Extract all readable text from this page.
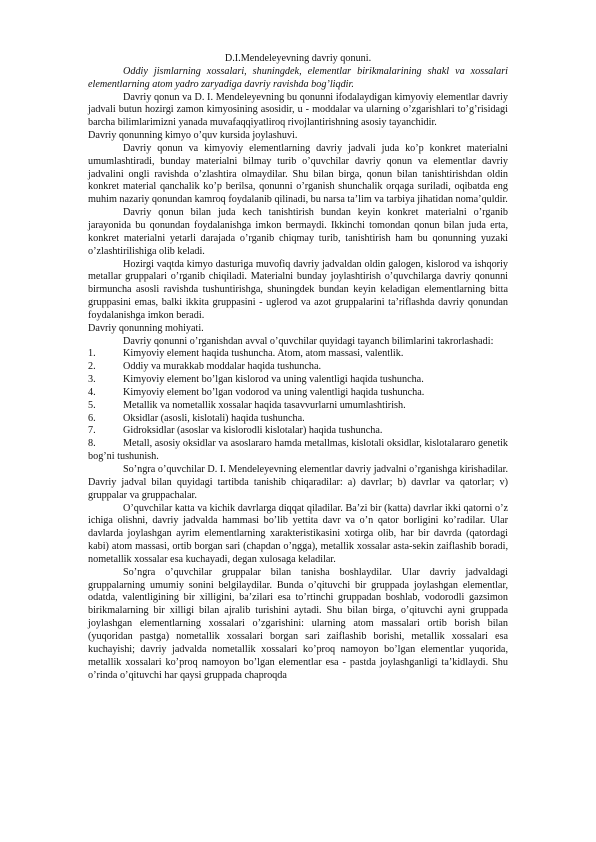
D.I.Mendeleyevning davriy qonuni.

Oddiy jismlarning xossalari, shuningdek, elementlar birikmalarining shakl va xossalari elementlarning atom yadro zaryadiga davriy ravishda bog’liqdir.

Davriy qonun va D. I. Mendeleyevning bu qonunni ifodalaydigan kimyoviy elementlar davriy jadvali butun hozirgi zamon kimyosining asosidir, u - moddalar va ularning o’zgarishlari to’g’risidagi barcha bilimlarimizni yanada muvafaqqiyatliroq rivojlantirishning asosiy tayanchidir.

Davriy qonunning kimyo o’quv kursida joylashuvi.

Davriy qonun va kimyoviy elementlarning davriy jadvali juda ko’p konkret materialni umumlashtiradi, bunday materialni bilmay turib o’quvchilar davriy qonun va elementlar davriy jadvalini ongli ravishda o’zlashtira olmaydilar. Shu bilan birga, qonun bilan tanishtirishdan oldin konkret material qanchalik ko’p berilsa, qonunni o’rganish shunchalik orqaga suriladi, oqibatda eng muhim nazariy qonundan kamroq foydalanib qilinadi, bu narsa ta’lim va tarbiya jihatidan noma’quldir.

Davriy qonun bilan juda kech tanishtirish bundan keyin konkret materialni o’rganib jarayonida bu qonundan foydalanishga imkon bermaydi. Ikkinchi tomondan qonun bilan juda erta, konkret materialni yetarli darajada o’rganib chiqmay turib, tanishtirish ham bu qonunning yuzaki o’zlashtirilishiga olib keladi.

Hozirgi vaqtda kimyo dasturiga muvofiq davriy jadvaldan oldin galogen, kislorod va ishqoriy metallar gruppalari o’rganib chiqiladi. Materialni bunday joylashtirish o’quvchilarga davriy qonunni birmuncha asosli ravishda tushuntirishga, shuningdek bundan keyin keladigan elementlarning bitta gruppasini emas, balki ikkita gruppasini - uglerod va azot gruppalarini ta’riflashda davriy qonundan foydalanishga imkon beradi.

Davriy qonunning mohiyati.

Davriy qonunni o’rganishdan avval o’quvchilar quyidagi tayanch bilimlarini takrorlashadi:

1.	Kimyoviy element haqida tushuncha. Atom, atom massasi, valentlik.
2.	Oddiy va murakkab moddalar haqida tushuncha.
3.	Kimyoviy element bo’lgan kislorod va uning valentligi haqida tushuncha.
4.	Kimyoviy element bo’lgan vodorod va uning valentligi haqida tushuncha.
5.	Metallik va nometallik xossalar haqida tasavvurlarni umumlashtirish.
6.	Oksidlar (asosli, kislotali) haqida tushuncha.
7.	Gidroksidlar (asoslar va kislorodli kislotalar) haqida tushuncha.

8.	Metall, asosiy oksidlar va asoslararo hamda metallmas, kislotali oksidlar, kislotalararo genetik bog’ni tushunish.

So’ngra o’quvchilar D. I. Mendeleyevning elementlar davriy jadvalni o’rganishga kirishadilar. Davriy jadval bilan quyidagi tartibda tanishib chiqaradilar: a) davrlar; b) davrlar va qatorlar; v) gruppalar va gruppachalar.

O’quvchilar katta va kichik davrlarga diqqat qiladilar. Ba’zi bir (katta) davrlar ikki qatorni o’z ichiga olishni, davriy jadvalda hammasi bo’lib yettita davr va o’n qator borligini ko’radilar. Ular davlarda joylashgan ayrim elementlarning xarakteristikasini xotirga olib, har bir davrda (qatordagi kabi) atom massasi, ortib borgan sari (chapdan o’ngga), metallik xossalar asta-sekin zaiflashib boradi, nometallik xossalar esa kuchayadi, degan xulosaga keladilar.

So’ngra o’quvchilar gruppalar bilan tanisha boshlaydilar. Ular davriy jadvaldagi gruppalarning umumiy sonini belgilaydilar. Bunda o’qituvchi bir gruppada joylashgan elementlar, odatda, valentligining bir xilligini, ba’zilari esa to’rtinchi gruppadan boshlab, vodorodli gazsimon birikmalarning bir xilligi bilan ajralib turishini aytadi. Shu bilan birga, o’qituvchi ayni gruppada joylashgan elementlarning xossalari o’zgarishini: ularning atom massalari ortib borish bilan (yuqoridan pastga) nometallik xossalari borgan sari zaiflashib borishi, metallik xossalari esa kuchayishi; davriy jadvalda nometallik xossalari ko’proq namoyon bo’lgan elementlar yuqorida, metallik xossalari ko’proq namoyon bo’lgan elementlar esa - pastda joylashganligi ta’kidlaydi. Shu o’rinda o’qituvchi har qaysi gruppada chaproqda
